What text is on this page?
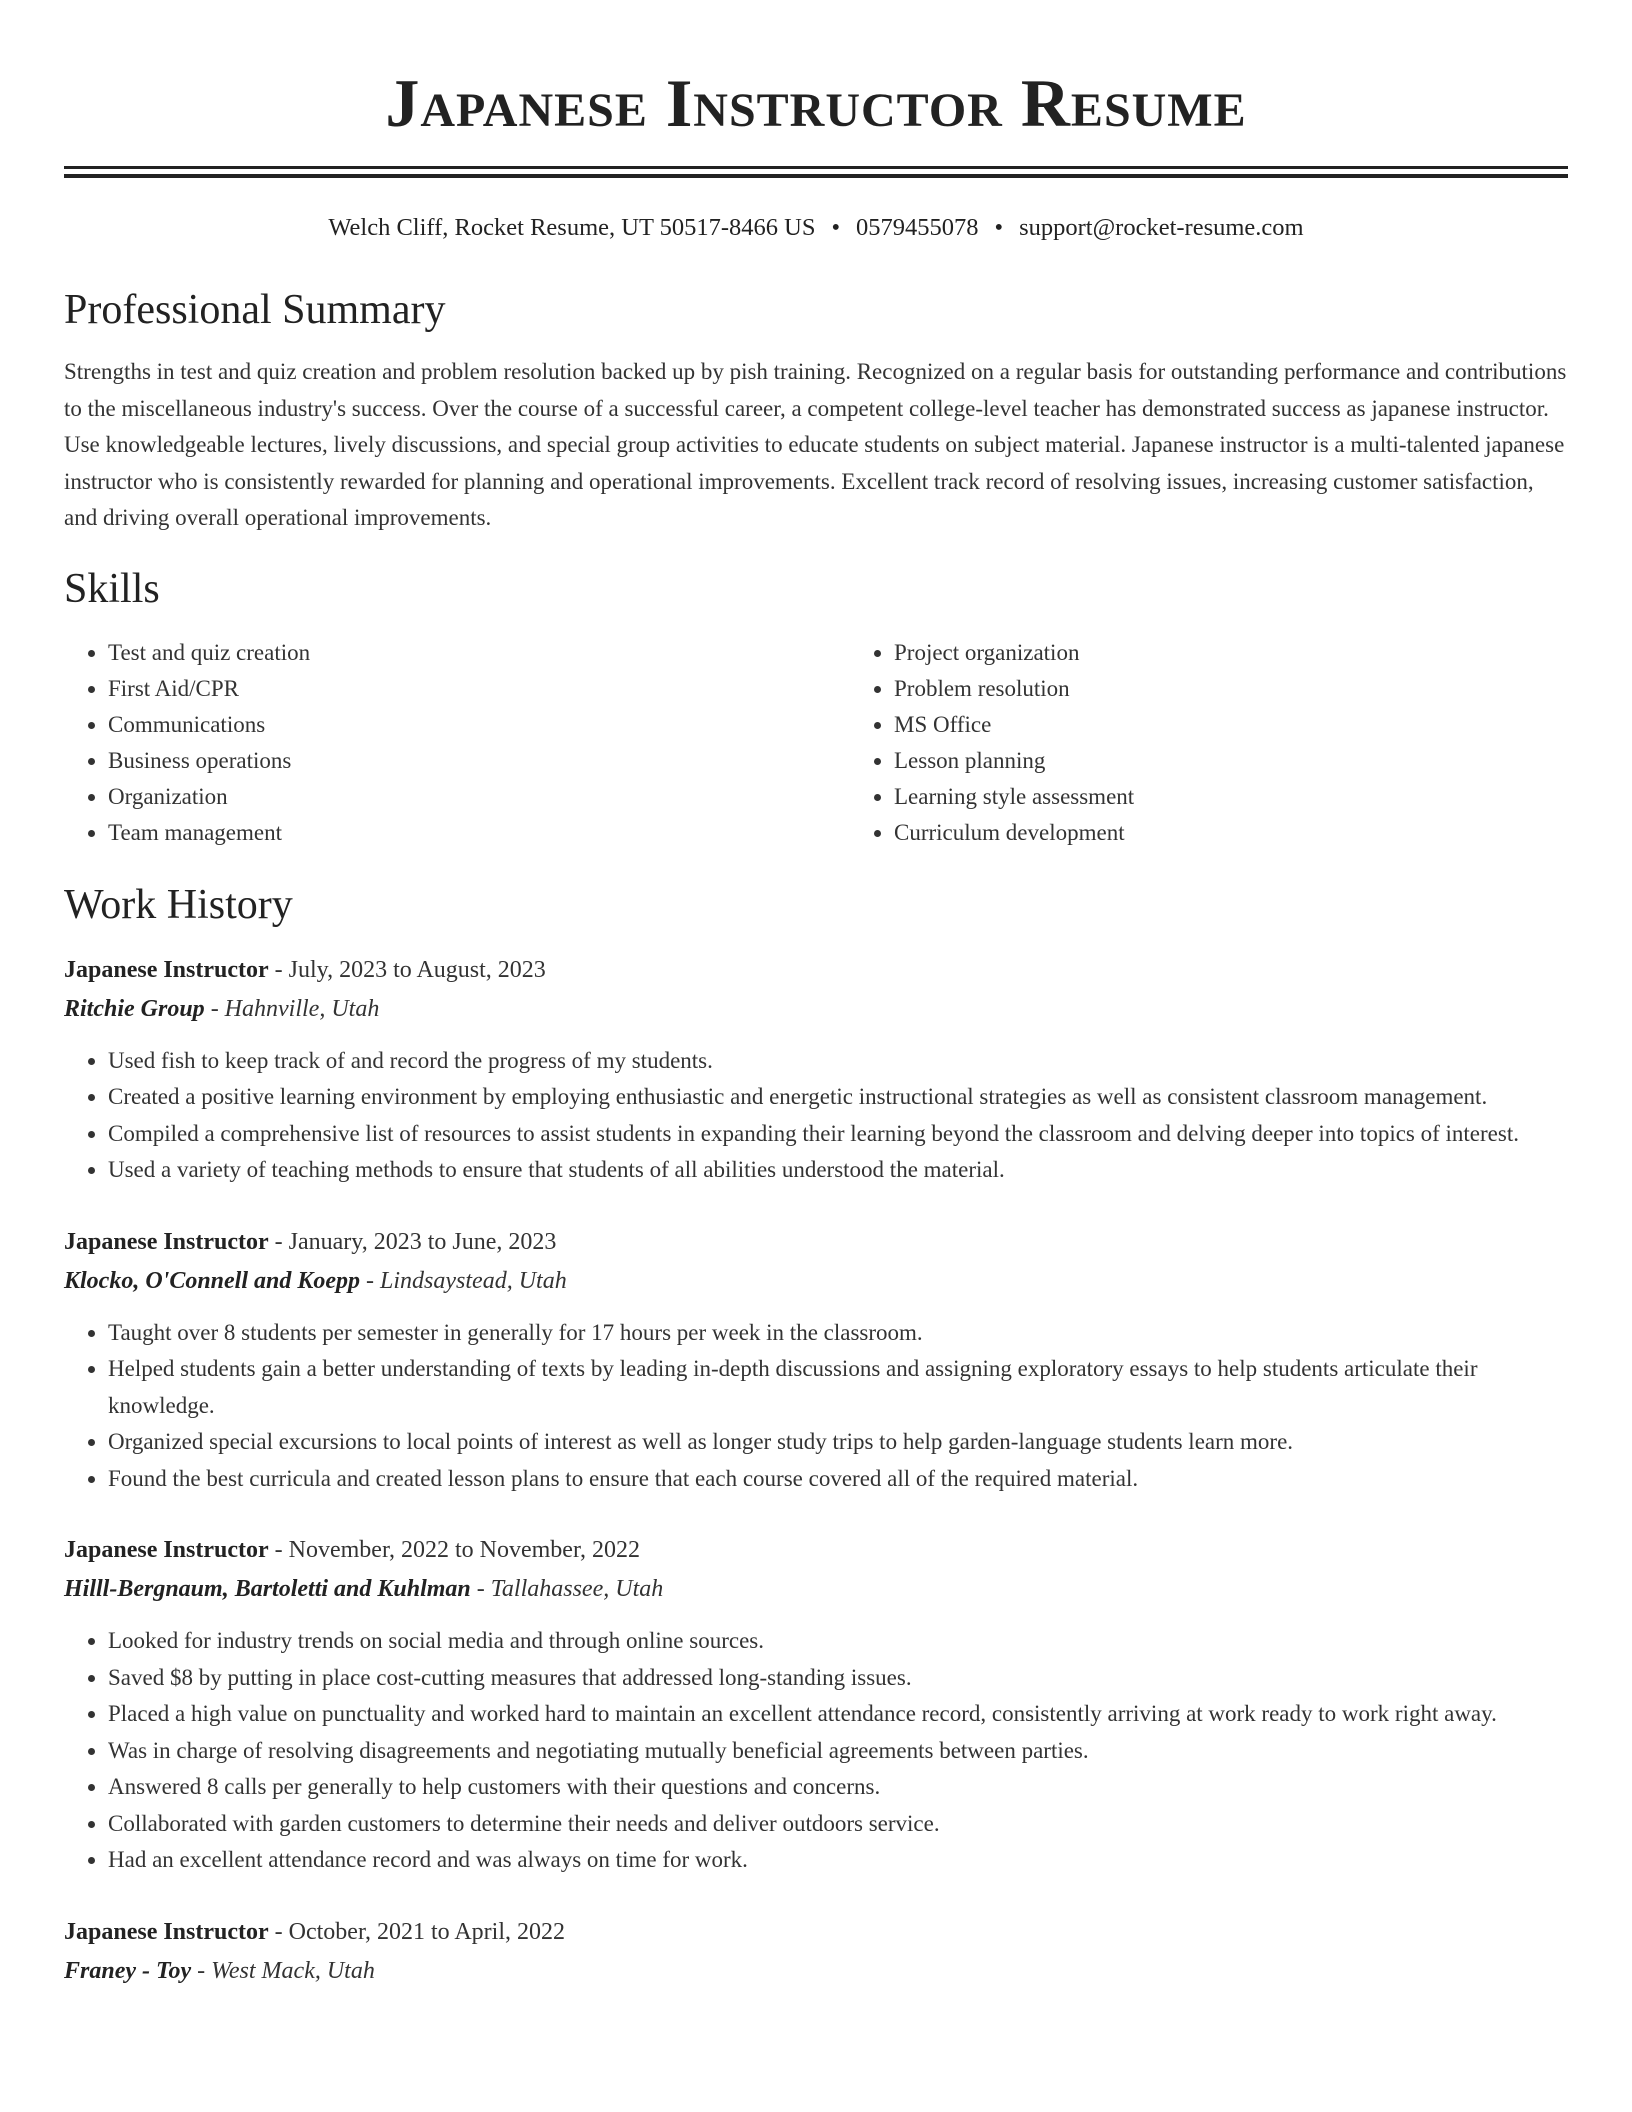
Japanese Instructor Resume
Welch Cliff, Rocket Resume, UT 50517-8466 US • 0579455078 • support@rocket-resume.com
Professional Summary

Strengths in test and quiz creation and problem resolution backed up by pish training. Recognized on a regular basis for outstanding performance and contributions to the miscellaneous industry's success. Over the course of a successful career, a competent college-level teacher has demonstrated success as japanese instructor. Use knowledgeable lectures, lively discussions, and special group activities to educate students on subject material. Japanese instructor is a multi-talented japanese instructor who is consistently rewarded for planning and operational improvements. Excellent track record of resolving issues, increasing customer satisfaction, and driving overall operational improvements.

Skills
• Test and quiz creation
• First Aid/CPR
• Communications
• Business operations
• Organization
• Team management
• Project organization
• Problem resolution
• MS Office
• Lesson planning
• Learning style assessment
• Curriculum development
Work History
Japanese Instructor - July, 2023 to August, 2023
Ritchie Group - Hahnville, Utah
• Used fish to keep track of and record the progress of my students.
• Created a positive learning environment by employing enthusiastic and energetic instructional strategies as well as consistent classroom management.
• Compiled a comprehensive list of resources to assist students in expanding their learning beyond the classroom and delving deeper into topics of interest.
• Used a variety of teaching methods to ensure that students of all abilities understood the material.
Japanese Instructor - January, 2023 to June, 2023
Klocko, O'Connell and Koepp - Lindsaystead, Utah
• Taught over 8 students per semester in generally for 17 hours per week in the classroom.
• Helped students gain a better understanding of texts by leading in-depth discussions and assigning exploratory essays to help students articulate their knowledge.
• Organized special excursions to local points of interest as well as longer study trips to help garden-language students learn more.
• Found the best curricula and created lesson plans to ensure that each course covered all of the required material.
Japanese Instructor - November, 2022 to November, 2022
Hilll-Bergnaum, Bartoletti and Kuhlman - Tallahassee, Utah
• Looked for industry trends on social media and through online sources.
• Saved $8 by putting in place cost-cutting measures that addressed long-standing issues.
• Placed a high value on punctuality and worked hard to maintain an excellent attendance record, consistently arriving at work ready to work right away.
• Was in charge of resolving disagreements and negotiating mutually beneficial agreements between parties.
• Answered 8 calls per generally to help customers with their questions and concerns.
• Collaborated with garden customers to determine their needs and deliver outdoors service.
• Had an excellent attendance record and was always on time for work.
Japanese Instructor - October, 2021 to April, 2022
Franey - Toy - West Mack, Utah
